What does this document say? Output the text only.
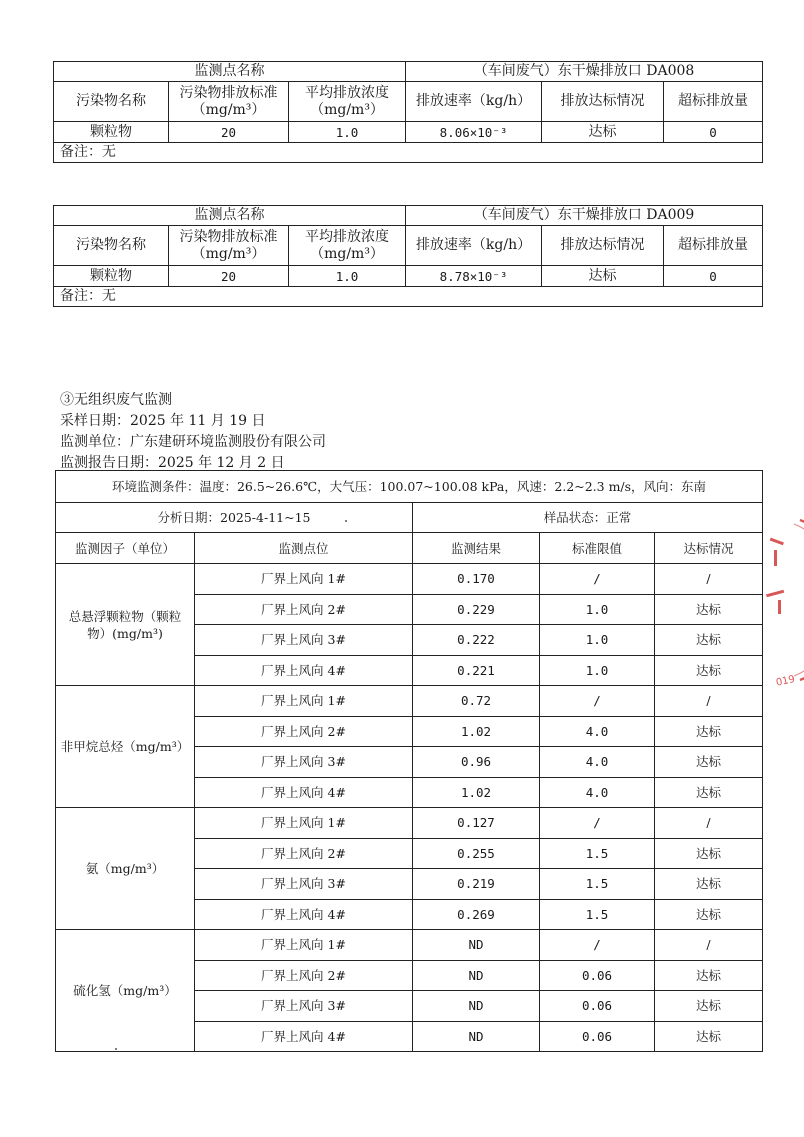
监测点名称			（车间废气）东干燥排放口 DA008		
污染物名称	污染物排放标准（mg/m³）	平均排放浓度（mg/m³）	排放速率（kg/h）	排放达标情况	超标排放量
颗粒物	20	1.0	8.06×10⁻³	达标	0
备注：无					
监测点名称			（车间废气）东干燥排放口 DA009		
污染物名称	污染物排放标准（mg/m³）	平均排放浓度（mg/m³）	排放速率（kg/h）	排放达标情况	超标排放量
颗粒物	20	1.0	8.78×10⁻³	达标	0
备注：无					
③无组织废气监测
采样日期：2025 年 11 月 19 日
监测单位：广东建研环境监测股份有限公司
监测报告日期：2025 年 12 月 2 日
环境监测条件：温度：26.5~26.6℃，大气压：100.07~100.08 kPa，风速：2.2~2.3 m/s，风向：东南				
分析日期：2025-4-11~15		样品状态：正常		
监测因子（单位）	监测点位	监测结果	标准限值	达标情况
总悬浮颗粒物（颗粒物）(mg/m³)	厂界上风向 1#	0.170	/	/
	厂界上风向 2#	0.229	1.0	达标
	厂界上风向 3#	0.222	1.0	达标
	厂界上风向 4#	0.221	1.0	达标
非甲烷总烃（mg/m³）	厂界上风向 1#	0.72	/	/
	厂界上风向 2#	1.02	4.0	达标
	厂界上风向 3#	0.96	4.0	达标
	厂界上风向 4#	1.02	4.0	达标
氨（mg/m³）	厂界上风向 1#	0.127	/	/
	厂界上风向 2#	0.255	1.5	达标
	厂界上风向 3#	0.219	1.5	达标
	厂界上风向 4#	0.269	1.5	达标
硫化氢（mg/m³）	厂界上风向 1#	ND	/	/
	厂界上风向 2#	ND	0.06	达标
	厂界上风向 3#	ND	0.06	达标
	厂界上风向 4#	ND	0.06	达标
019
